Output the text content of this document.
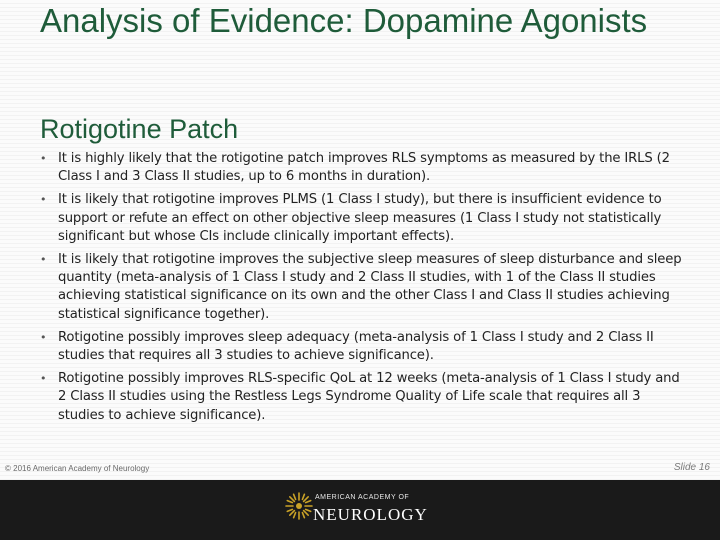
Analysis of Evidence: Dopamine Agonists
Rotigotine Patch
• It is highly likely that the rotigotine patch improves RLS symptoms as measured by the IRLS (2 Class I and 3 Class II studies, up to 6 months in duration).
• It is likely that rotigotine improves PLMS (1 Class I study), but there is insufficient evidence to support or refute an effect on other objective sleep measures (1 Class I study not statistically significant but whose CIs include clinically important effects).
• It is likely that rotigotine improves the subjective sleep measures of sleep disturbance and sleep quantity (meta-analysis of 1 Class I study and 2 Class II studies, with 1 of the Class II studies achieving statistical significance on its own and the other Class I and Class II studies achieving statistical significance together).
• Rotigotine possibly improves sleep adequacy (meta-analysis of 1 Class I study and 2 Class II studies that requires all 3 studies to achieve significance).
• Rotigotine possibly improves RLS-specific QoL at 12 weeks (meta-analysis of 1 Class I study and 2 Class II studies using the Restless Legs Syndrome Quality of Life scale that requires all 3 studies to achieve significance).
© 2016 American Academy of Neurology	Slide 16
AMERICAN ACADEMY OF
NEUROLOGY
